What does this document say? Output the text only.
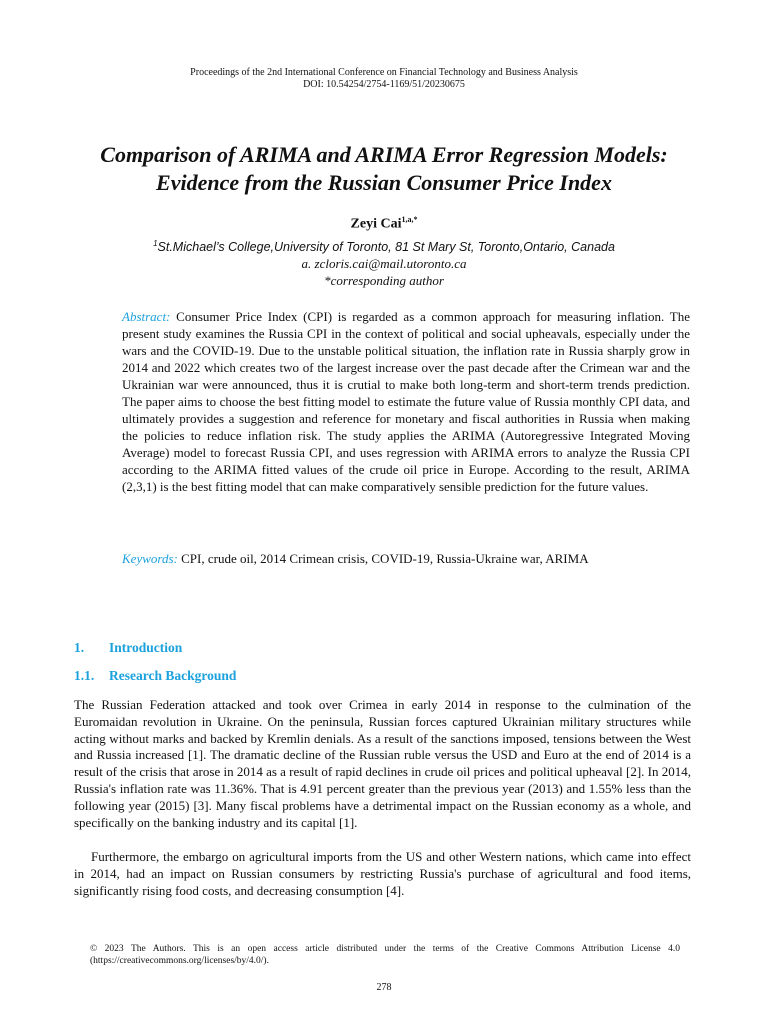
Proceedings of the 2nd International Conference on Financial Technology and Business Analysis
DOI: 10.54254/2754-1169/51/20230675
Comparison of ARIMA and ARIMA Error Regression Models: Evidence from the Russian Consumer Price Index
Zeyi Cai$^{1,a,*}$
$^1$St.Michael’s College,University of Toronto, 81 St Mary St, Toronto,Ontario, Canada
a. zcloris.cai@mail.utoronto.ca
*corresponding author

Abstract: Consumer Price Index (CPI) is regarded as a common approach for measuring inflation. The present study examines the Russia CPI in the context of political and social upheavals, especially under the wars and the COVID-19. Due to the unstable political situation, the inflation rate in Russia sharply grow in 2014 and 2022 which creates two of the largest increase over the past decade after the Crimean war and the Ukrainian war were announced, thus it is crutial to make both long-term and short-term trends prediction. The paper aims to choose the best fitting model to estimate the future value of Russia monthly CPI data, and ultimately provides a suggestion and reference for monetary and fiscal authorities in Russia when making the policies to reduce inflation risk. The study applies the ARIMA (Autoregressive Integrated Moving Average) model to forecast Russia CPI, and uses regression with ARIMA errors to analyze the Russia CPI according to the ARIMA fitted values of the crude oil price in Europe. According to the result, ARIMA (2,3,1) is the best fitting model that can make comparatively sensible prediction for the future values.

Keywords: CPI, crude oil, 2014 Crimean crisis, COVID-19, Russia-Ukraine war, ARIMA

1. Introduction
1.1. Research Background

The Russian Federation attacked and took over Crimea in early 2014 in response to the culmination of the Euromaidan revolution in Ukraine. On the peninsula, Russian forces captured Ukrainian military structures while acting without marks and backed by Kremlin denials. As a result of the sanctions imposed, tensions between the West and Russia increased [1]. The dramatic decline of the Russian ruble versus the USD and Euro at the end of 2014 is a result of the crisis that arose in 2014 as a result of rapid declines in crude oil prices and political upheaval [2]. In 2014, Russia's inflation rate was 11.36%. That is 4.91 percent greater than the previous year (2013) and 1.55% less than the following year (2015) [3]. Many fiscal problems have a detrimental impact on the Russian economy as a whole, and specifically on the banking industry and its capital [1].

Furthermore, the embargo on agricultural imports from the US and other Western nations, which came into effect in 2014, had an impact on Russian consumers by restricting Russia's purchase of agricultural and food items, significantly rising food costs, and decreasing consumption [4].

© 2023 The Authors. This is an open access article distributed under the terms of the Creative Commons Attribution License 4.0 (https://creativecommons.org/licenses/by/4.0/).

278
